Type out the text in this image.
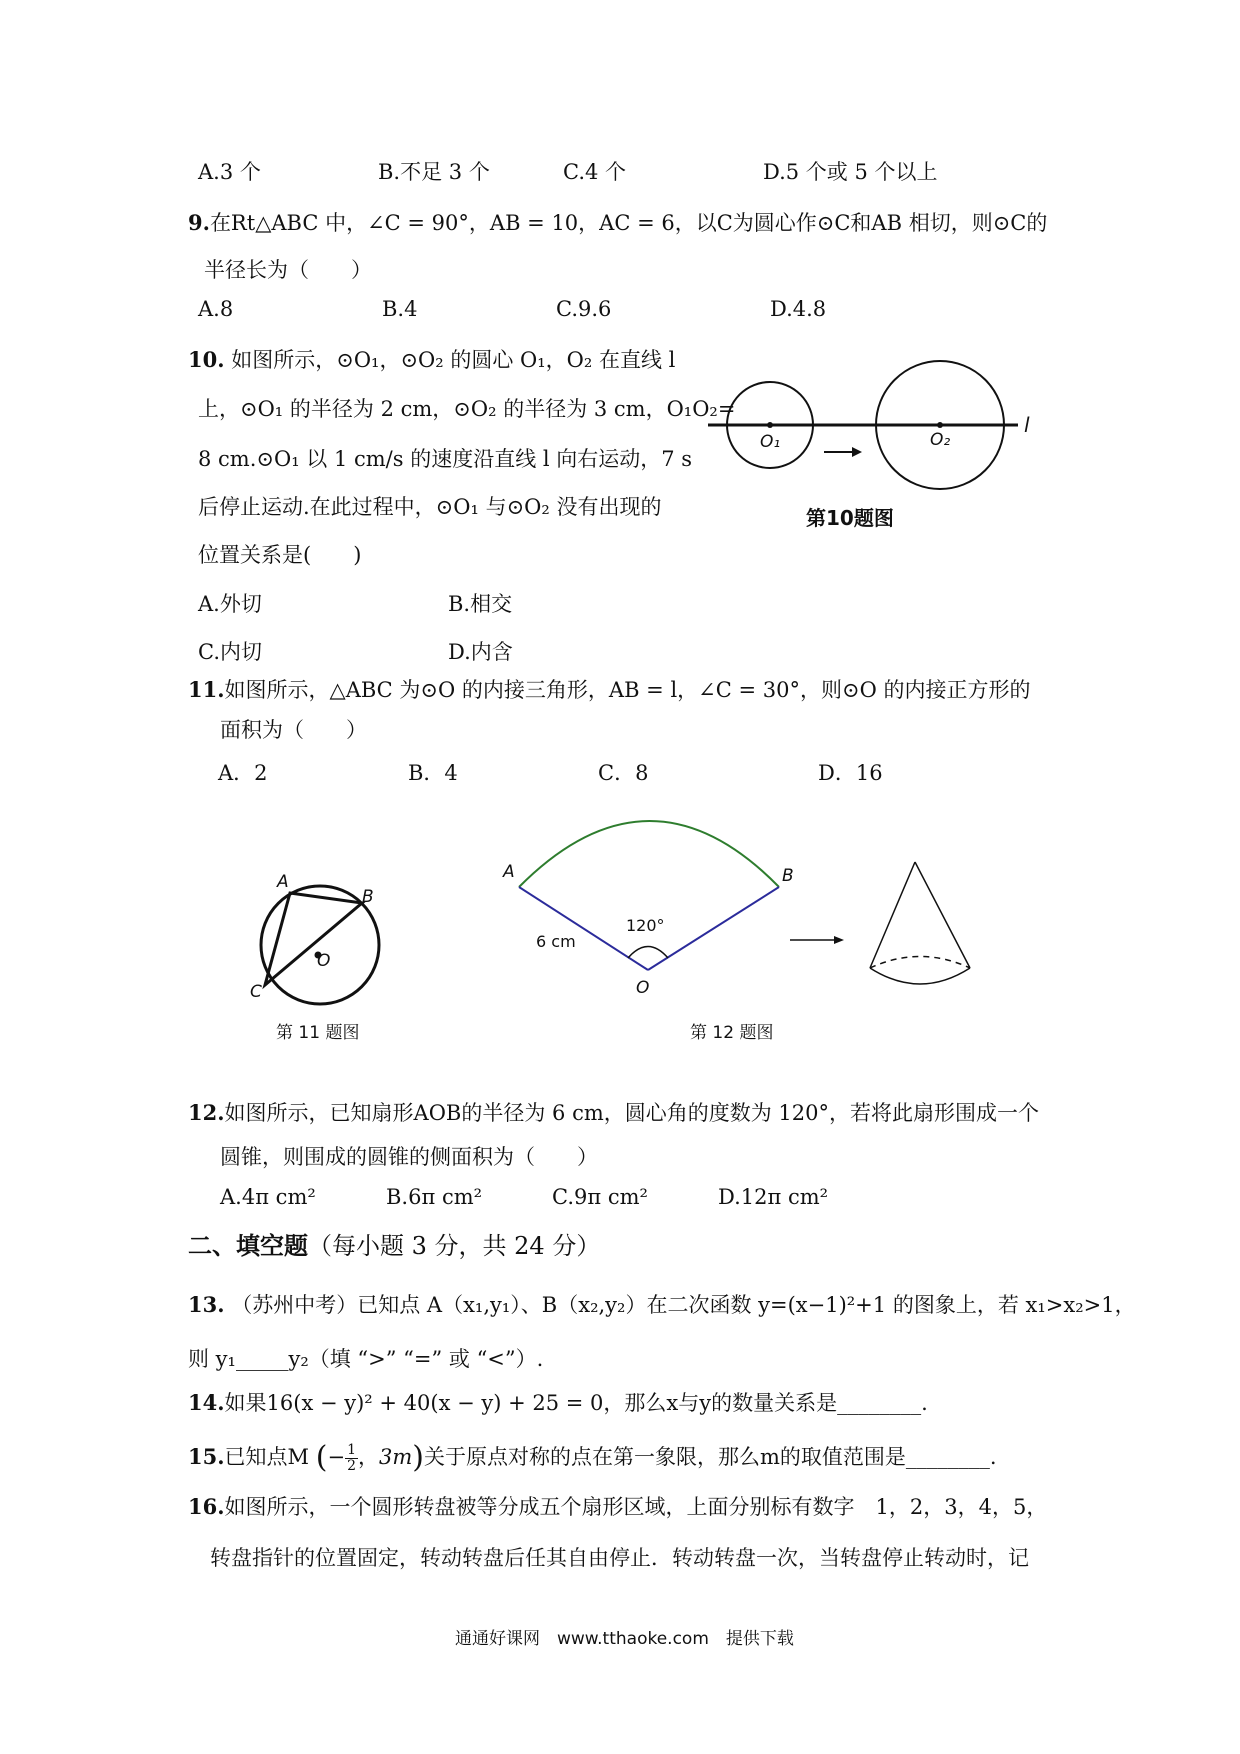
A.3 个	B.不足 3 个	C.4 个	D.5 个或 5 个以上
9.在Rt△ABC 中，∠C = 90°，AB = 10，AC = 6，以C为圆心作⊙C和AB 相切，则⊙C的
半径长为（　　）
A.8	B.4	C.9.6	D.4.8
10. 如图所示，⊙O₁，⊙O₂ 的圆心 O₁，O₂ 在直线 l
上，⊙O₁ 的半径为 2 cm，⊙O₂ 的半径为 3 cm，O₁O₂=
8 cm.⊙O₁ 以 1 cm/s 的速度沿直线 l 向右运动，7 s
后停止运动.在此过程中，⊙O₁ 与⊙O₂ 没有出现的
位置关系是(　　)
A.外切	B.相交
C.内切	D.内含
O₁	O₂
l
第10题图
11.如图所示，△ABC 为⊙O 的内接三角形，AB = l，∠C = 30°，则⊙O 的内接正方形的
面积为（　　）
A．2	B．4	C．8	D．16
A
B
C
O
第 11 题图
A	B
O
6 cm
120°
第 12 题图
12.如图所示，已知扇形AOB的半径为 6 cm，圆心角的度数为 120°，若将此扇形围成一个
圆锥，则围成的圆锥的侧面积为（　　）
A.4π cm²	B.6π cm²	C.9π cm²	D.12π cm²
二、填空题（每小题 3 分，共 24 分）
13. （苏州中考）已知点 A（x₁,y₁）、B（x₂,y₂）在二次函数 y=(x−1)²+1 的图象上，若 x₁>x₂>1，
则 y₁_____y₂（填 “>” “=” 或 “<”）.
14.如果16(x − y)² + 40(x − y) + 25 = 0，那么x与y的数量关系是________.
15.已知点M (− $\frac{1}{2}$ ，3m)关于原点对称的点在第一象限，那么m的取值范围是________.
16.如图所示，一个圆形转盘被等分成五个扇形区域，上面分别标有数字　1，2，3，4，5，
转盘指针的位置固定，转动转盘后任其自由停止．转动转盘一次，当转盘停止转动时，记
通通好课网　www.tthaoke.com　提供下载
